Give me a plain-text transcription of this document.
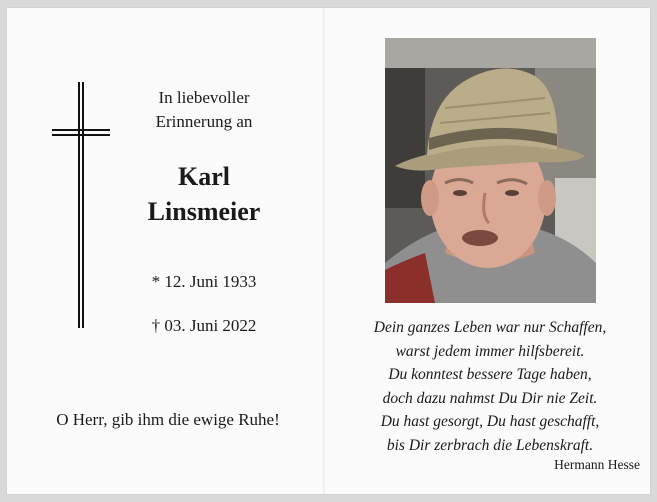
In liebevoller
Erinnerung an
Karl
Linsmeier
* 12. Juni 1933
† 03. Juni 2022
O Herr, gib ihm die ewige Ruhe!
Dein ganzes Leben war nur Schaffen,
warst jedem immer hilfsbereit.
Du konntest bessere Tage haben,
doch dazu nahmst Du Dir nie Zeit.
Du hast gesorgt, Du hast geschafft,
bis Dir zerbrach die Lebenskraft.
Hermann Hesse
